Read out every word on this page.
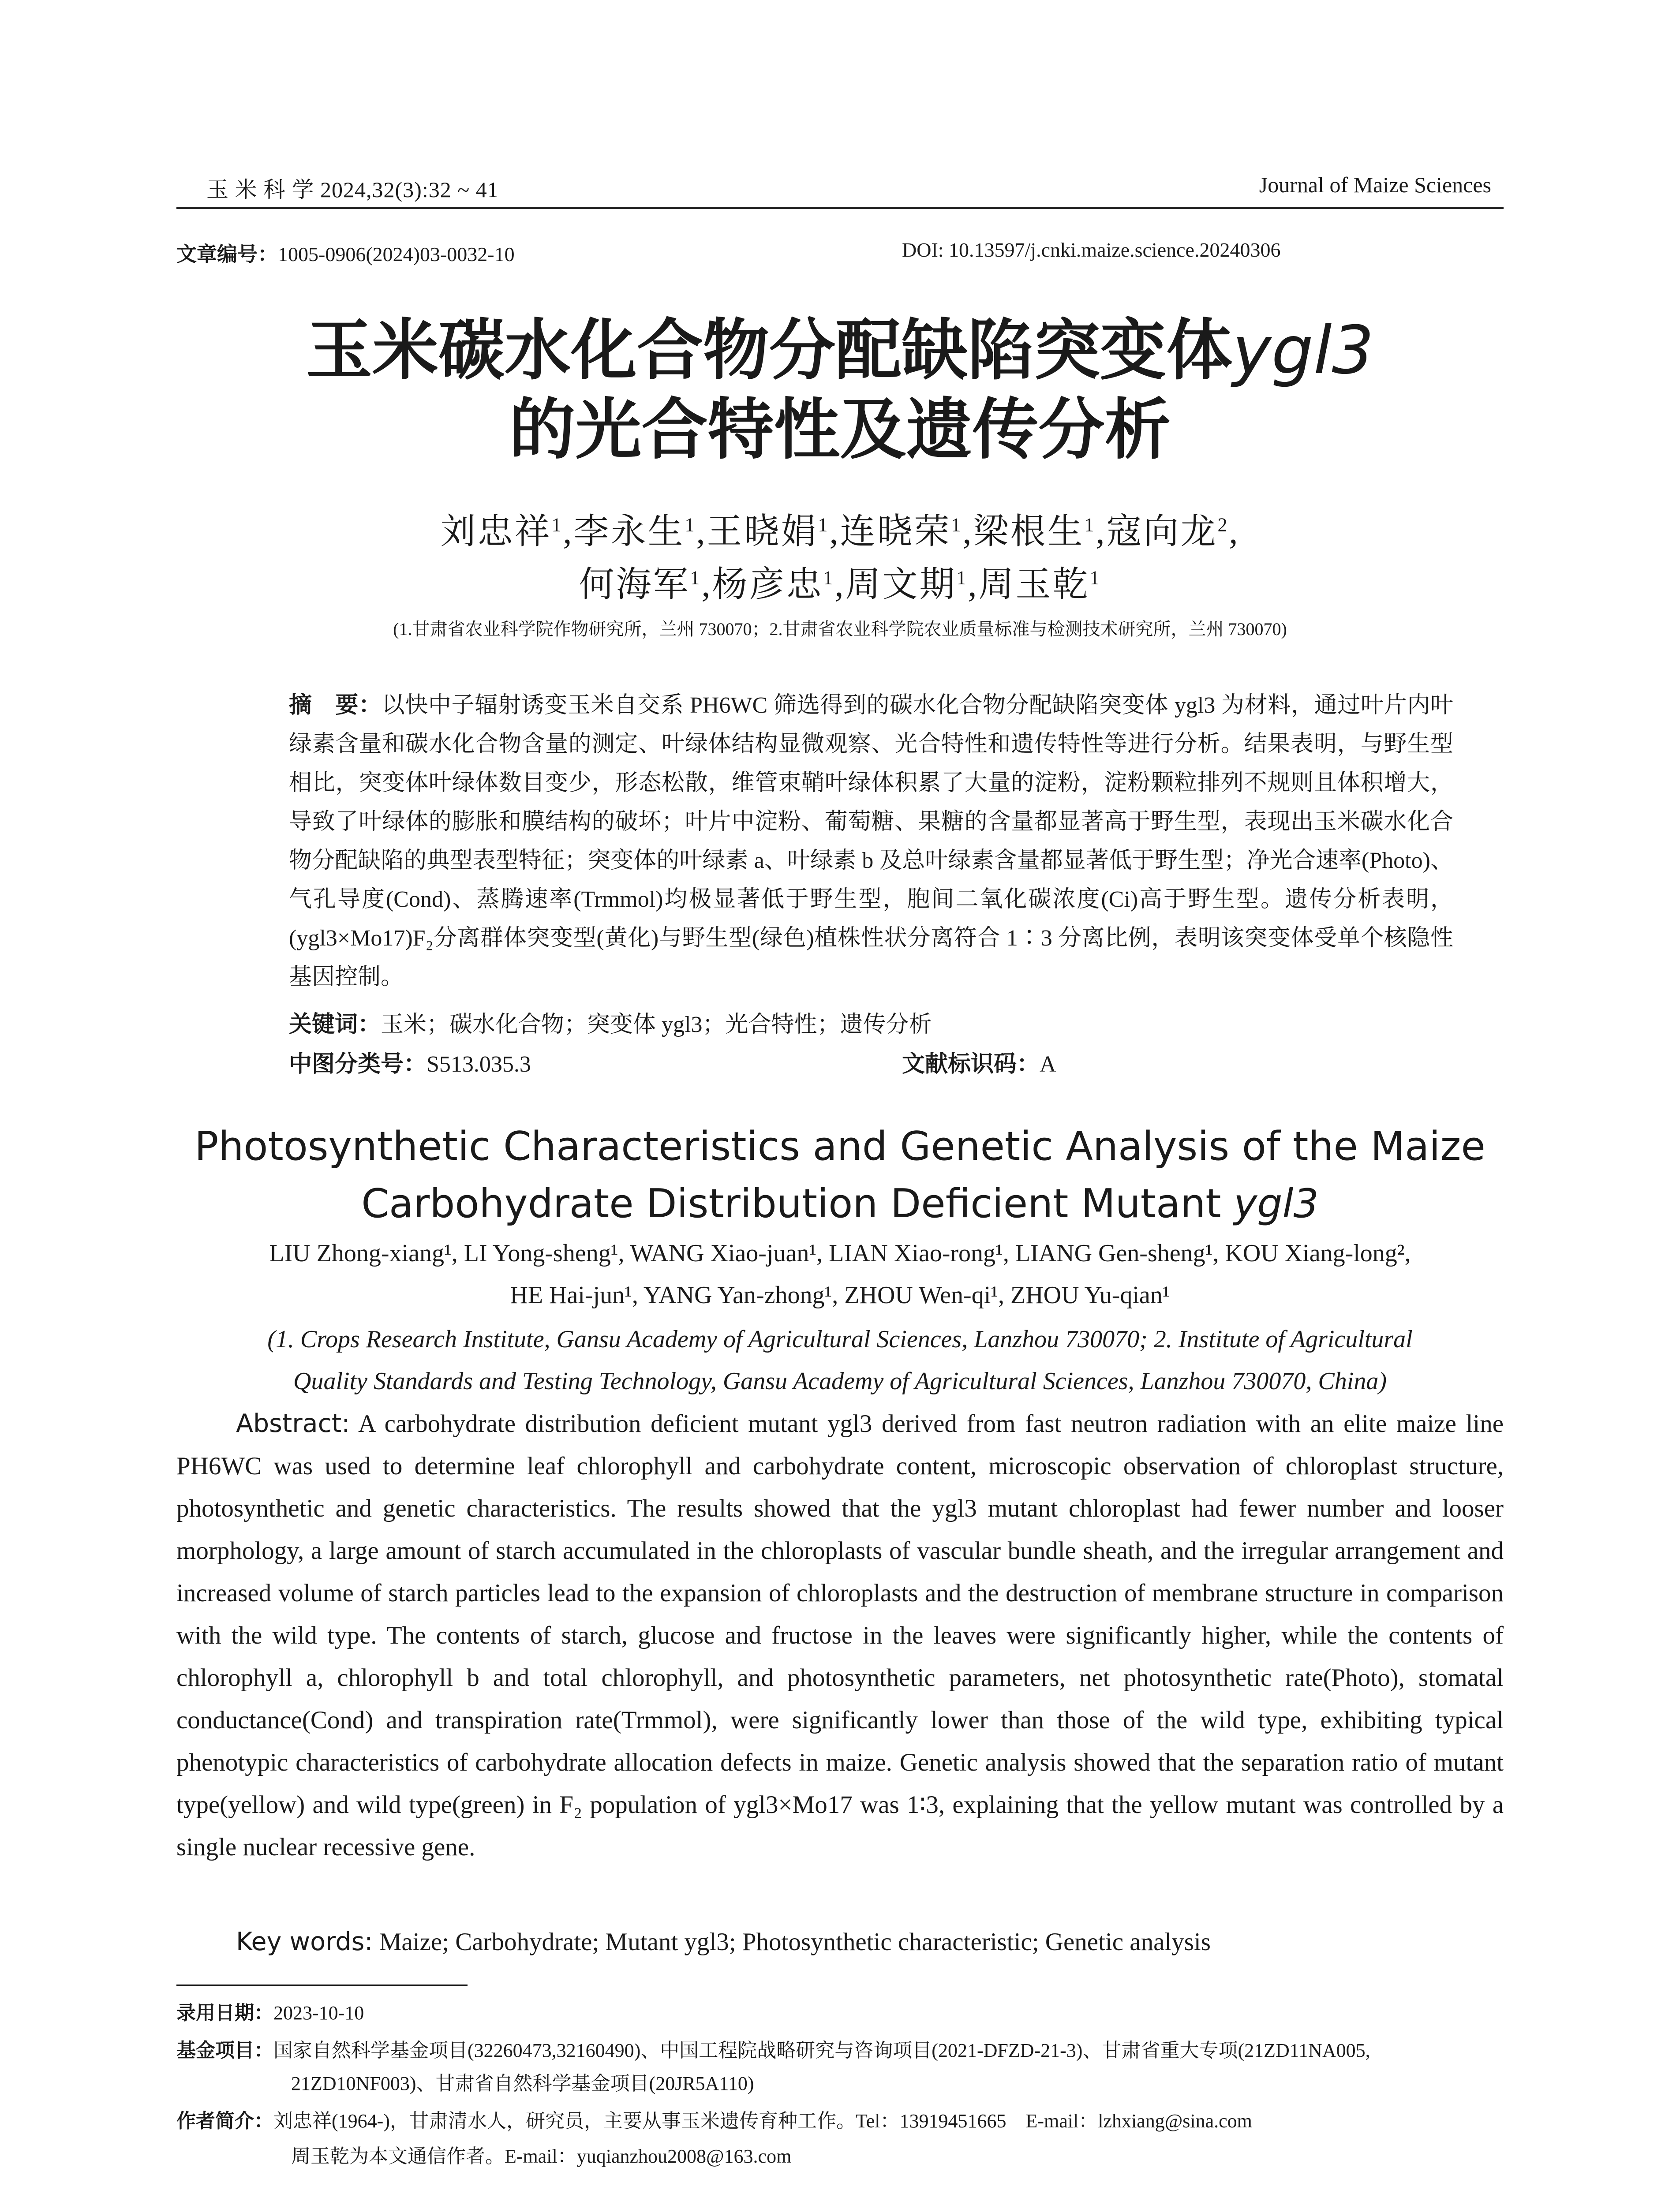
玉 米 科 学 2024,32(3):32 ~ 41	Journal of Maize Sciences
文章编号：1005-0906(2024)03-0032-10	DOI: 10.13597/j.cnki.maize.science.20240306
玉米碳水化合物分配缺陷突变体ygl3
的光合特性及遗传分析
刘忠祥$^1$,李永生$^1$,王晓娟$^1$,连晓荣$^1$,梁根生$^1$,寇向龙$^2$,
何海军$^1$,杨彦忠$^1$,周文期$^1$,周玉乾$^1$
(1.甘肃省农业科学院作物研究所，兰州 730070；2.甘肃省农业科学院农业质量标准与检测技术研究所，兰州 730070)
摘　要：以快中子辐射诱变玉米自交系 PH6WC 筛选得到的碳水化合物分配缺陷突变体 ygl3 为材料，通过叶片内叶绿素含量和碳水化合物含量的测定、叶绿体结构显微观察、光合特性和遗传特性等进行分析。结果表明，与野生型相比，突变体叶绿体数目变少，形态松散，维管束鞘叶绿体积累了大量的淀粉，淀粉颗粒排列不规则且体积增大，导致了叶绿体的膨胀和膜结构的破坏；叶片中淀粉、葡萄糖、果糖的含量都显著高于野生型，表现出玉米碳水化合物分配缺陷的典型表型特征；突变体的叶绿素 a、叶绿素 b 及总叶绿素含量都显著低于野生型；净光合速率(Photo)、气孔导度(Cond)、蒸腾速率(Trmmol)均极显著低于野生型，胞间二氧化碳浓度(Ci)高于野生型。遗传分析表明，(ygl3×Mo17)F₂分离群体突变型(黄化)与野生型(绿色)植株性状分离符合 1∶3 分离比例，表明该突变体受单个核隐性基因控制。
关键词：玉米；碳水化合物；突变体 ygl3；光合特性；遗传分析
中图分类号：S513.035.3	文献标识码：A
Photosynthetic Characteristics and Genetic Analysis of the Maize
Carbohydrate Distribution Deficient Mutant ygl3
LIU Zhong-xiang¹, LI Yong-sheng¹, WANG Xiao-juan¹, LIAN Xiao-rong¹, LIANG Gen-sheng¹, KOU Xiang-long²,
HE Hai-jun¹, YANG Yan-zhong¹, ZHOU Wen-qi¹, ZHOU Yu-qian¹
(1. Crops Research Institute, Gansu Academy of Agricultural Sciences, Lanzhou 730070; 2. Institute of Agricultural
Quality Standards and Testing Technology, Gansu Academy of Agricultural Sciences, Lanzhou 730070, China)
Abstract: A carbohydrate distribution deficient mutant ygl3 derived from fast neutron radiation with an elite maize line PH6WC was used to determine leaf chlorophyll and carbohydrate content, microscopic observation of chloroplast structure, photosynthetic and genetic characteristics. The results showed that the ygl3 mutant chloroplast had fewer number and looser morphology, a large amount of starch accumulated in the chloroplasts of vascular bundle sheath, and the irregular arrangement and increased volume of starch particles lead to the expansion of chloroplasts and the destruction of membrane structure in comparison with the wild type. The contents of starch, glucose and fructose in the leaves were significantly higher, while the contents of chlorophyll a, chlorophyll b and total chlorophyll, and photosynthetic parameters, net photosynthetic rate(Photo), stomatal conductance(Cond) and transpiration rate(Trmmol), were significantly lower than those of the wild type, exhibiting typical phenotypic characteristics of carbohydrate allocation defects in maize. Genetic analysis showed that the separation ratio of mutant type(yellow) and wild type(green) in F₂ population of ygl3×Mo17 was 1∶3, explaining that the yellow mutant was controlled by a single nuclear recessive gene.
Key words: Maize; Carbohydrate; Mutant ygl3; Photosynthetic characteristic; Genetic analysis
录用日期：2023-10-10
基金项目：国家自然科学基金项目(32260473,32160490)、中国工程院战略研究与咨询项目(2021-DFZD-21-3)、甘肃省重大专项(21ZD11NA005,
21ZD10NF003)、甘肃省自然科学基金项目(20JR5A110)
作者简介：刘忠祥(1964-)，甘肃清水人，研究员，主要从事玉米遗传育种工作。Tel：13919451665　E-mail：lzhxiang@sina.com
周玉乾为本文通信作者。E-mail：yuqianzhou2008@163.com
